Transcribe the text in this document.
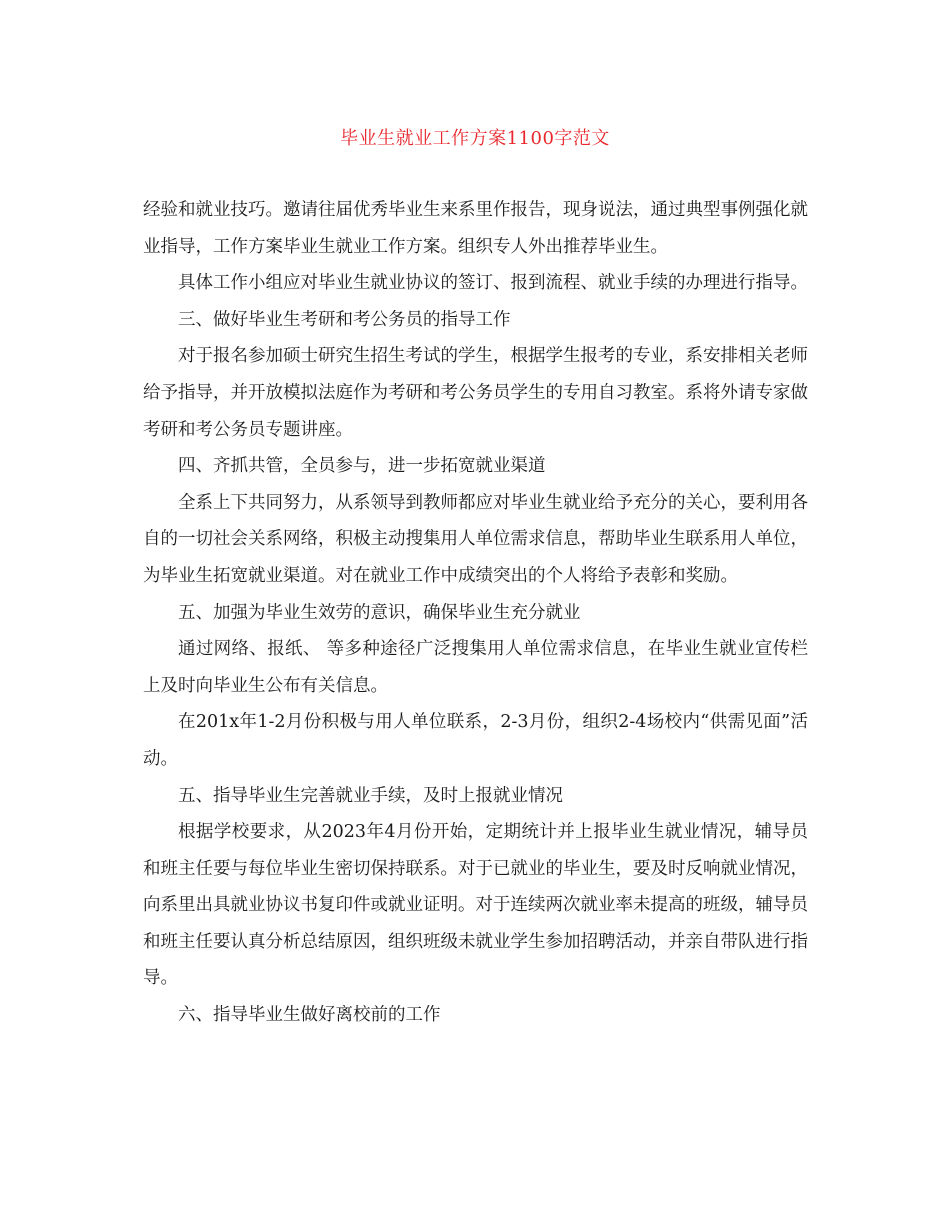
毕业生就业工作方案1100字范文

经验和就业技巧。邀请往届优秀毕业生来系里作报告，现身说法，通过典型事例强化就业指导，工作方案毕业生就业工作方案。组织专人外出推荐毕业生。

具体工作小组应对毕业生就业协议的签订、报到流程、就业手续的办理进行指导。

三、做好毕业生考研和考公务员的指导工作

对于报名参加硕士研究生招生考试的学生，根据学生报考的专业，系安排相关老师给予指导，并开放模拟法庭作为考研和考公务员学生的专用自习教室。系将外请专家做考研和考公务员专题讲座。

四、齐抓共管，全员参与，进一步拓宽就业渠道

全系上下共同努力，从系领导到教师都应对毕业生就业给予充分的关心，要利用各自的一切社会关系网络，积极主动搜集用人单位需求信息，帮助毕业生联系用人单位，为毕业生拓宽就业渠道。对在就业工作中成绩突出的个人将给予表彰和奖励。

五、加强为毕业生效劳的意识，确保毕业生充分就业

通过网络、报纸、 等多种途径广泛搜集用人单位需求信息，在毕业生就业宣传栏上及时向毕业生公布有关信息。

在201x年1-2月份积极与用人单位联系，2-3月份，组织2-4场校内“供需见面”活动。

五、指导毕业生完善就业手续，及时上报就业情况

根据学校要求，从2023年4月份开始，定期统计并上报毕业生就业情况，辅导员和班主任要与每位毕业生密切保持联系。对于已就业的毕业生，要及时反响就业情况，向系里出具就业协议书复印件或就业证明。对于连续两次就业率未提高的班级，辅导员和班主任要认真分析总结原因，组织班级未就业学生参加招聘活动，并亲自带队进行指导。

六、指导毕业生做好离校前的工作
